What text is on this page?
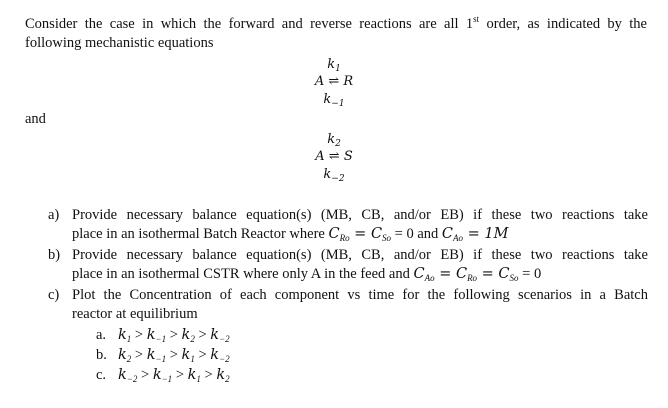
Consider the case in which the forward and reverse reactions are all 1st order, as indicated by the
following mechanistic equations
$k_1$
A ⇌ R
$k_{-1}$
and
$k_2$
A ⇌ S
$k_{-2}$
a) Provide necessary balance equation(s) (MB, CB, and/or EB) if these two reactions take
place in an isothermal Batch Reactor where $C_{Ro} = C_{So} = 0$ and $C_{Ao} = 1M$
b) Provide necessary balance equation(s) (MB, CB, and/or EB) if these two reactions take
place in an isothermal CSTR where only A in the feed and $C_{Ao} = C_{Ro} = C_{So} = 0$
c) Plot the Concentration of each component vs time for the following scenarios in a Batch
reactor at equilibrium
a. $k_1 > k_{-1} > k_2 > k_{-2}$
b. $k_2 > k_{-1} > k_1 > k_{-2}$
c. $k_{-2} > k_{-1} > k_1 > k_2$
